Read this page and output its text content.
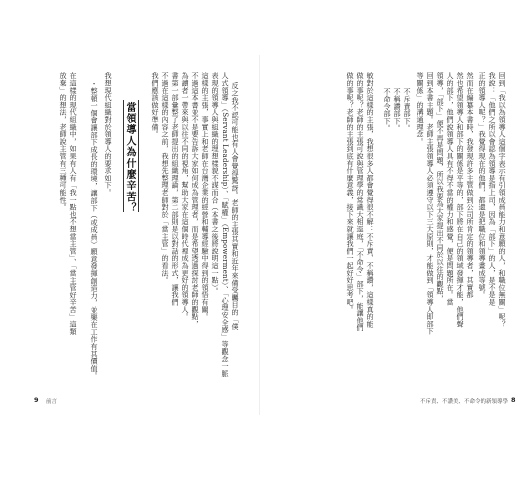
回到「我以為領導人這個字表示有引領成員能力和意願的人，和職位無關」呢？
我說：「他們之所以會認為領導是指上司，因為「部下」的人，是不是是
正的領導人呢？」我覺得現在的他們，都還是把職位和領導畫成等號。
然而在編纂本書時，我發現許多主管做到公司所肯定的領導者，其實都
然也希望領導人和部下的關係是平等的，部下將在自己的領域發揮才能，他們聲
人的部下，他們說領導人具有不得不當的權力和感覺，便是問題所在。當
領導，「部下」便不再是問題，所以我要為大家提出不同於以往的觀點，
回到本書主題。老師主張領導人必須遵守以下三大原則，才能做到「領導人即部下
等關係」的溝通理念。
不斥責部下。
不稱讚部下。
不命令部下。
敏對於這樣的主張，我想很多人都會覺得很不解：不斥責、不稱讚，這樣真的能
做的事呢？老師的主張可說與管理學的常識大相逕庭，「不命令」部下，能讓他們
做的事呢？老師的主張到底有什麼意義，接下來就讓我們一起好好思考吧。
不斥責、不讚美、不命令的新領導學 8
反之我不認可能也有人會覺得驚訝。老師的主張其實和近年來備受矚目的「僕
人式領導」（Servant Leadership）、「賦權」（Empowerment）、「心理安全感」等觀念一脈
表現的領導人與組織的理想樣貌不謀而合（本書之後將說明這一點）。
這樣的主張，事實上和老師在台灣企業的經營和輔導經驗中得到的領悟有關。
不過這本書並不是要告訴大家如何成為管理者，而是希望透過探討老師的觀點，
為讀者一帶來與以往不同的視角，幫助大家在這個時代裡成為更好的領導人。
書第一部彙整了老師提出的組織理論，第二部則是以對話的形式，讓我們
不過在這樣的內容之前，我想先整理老師對於「當主管」的看法。
我們應該做好準備。
當領導人為什麼辛苦？
我想現代組織對於領導人的要求如下。
・整頓一個會讓部下成長的環境，讓部下（或成員）願意發揮創造力，並樂在工作有其價值。
在這樣的現代組織中，如果有人有「我一點也不想當主管」、「當主管好辛苦」這類
放棄」的想法，老師說主管有三種可能性。
9 前言
